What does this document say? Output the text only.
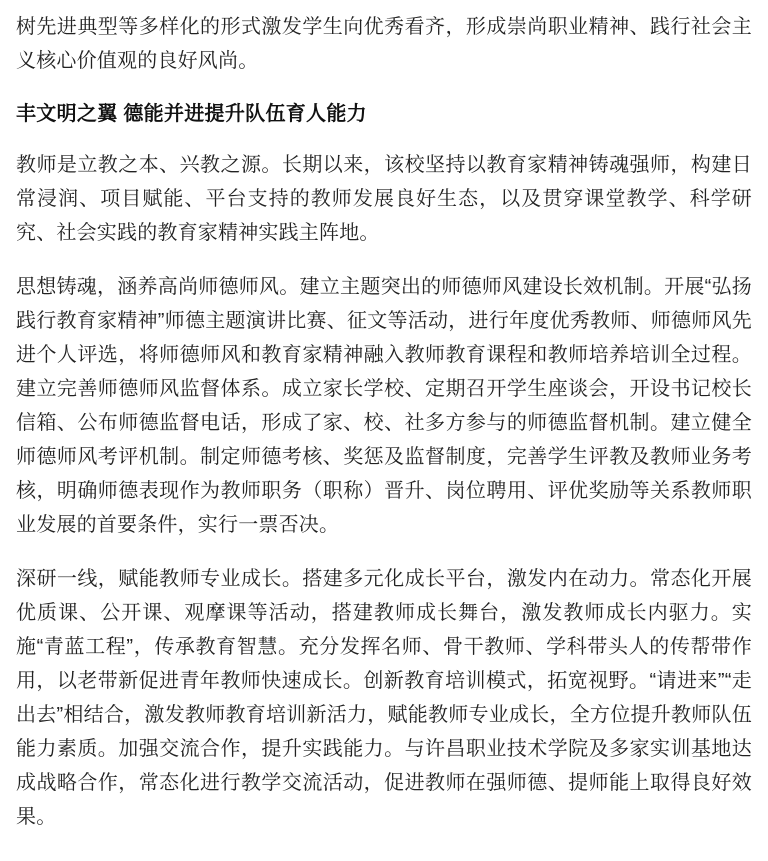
树先进典型等多样化的形式激发学生向优秀看齐，形成崇尚职业精神、践行社会主义核心价值观的良好风尚。

丰文明之翼 德能并进提升队伍育人能力

教师是立教之本、兴教之源。长期以来，该校坚持以教育家精神铸魂强师，构建日常浸润、项目赋能、平台支持的教师发展良好生态，以及贯穿课堂教学、科学研究、社会实践的教育家精神实践主阵地。

思想铸魂，涵养高尚师德师风。建立主题突出的师德师风建设长效机制。开展“弘扬践行教育家精神”师德主题演讲比赛、征文等活动，进行年度优秀教师、师德师风先进个人评选，将师德师风和教育家精神融入教师教育课程和教师培养培训全过程。建立完善师德师风监督体系。成立家长学校、定期召开学生座谈会，开设书记校长信箱、公布师德监督电话，形成了家、校、社多方参与的师德监督机制。建立健全师德师风考评机制。制定师德考核、奖惩及监督制度，完善学生评教及教师业务考核，明确师德表现作为教师职务（职称）晋升、岗位聘用、评优奖励等关系教师职业发展的首要条件，实行一票否决。

深研一线，赋能教师专业成长。搭建多元化成长平台，激发内在动力。常态化开展优质课、公开课、观摩课等活动，搭建教师成长舞台，激发教师成长内驱力。实施“青蓝工程”，传承教育智慧。充分发挥名师、骨干教师、学科带头人的传帮带作用，以老带新促进青年教师快速成长。创新教育培训模式，拓宽视野。“请进来”“走出去”相结合，激发教师教育培训新活力，赋能教师专业成长，全方位提升教师队伍能力素质。加强交流合作，提升实践能力。与许昌职业技术学院及多家实训基地达成战略合作，常态化进行教学交流活动，促进教师在强师德、提师能上取得良好效果。
